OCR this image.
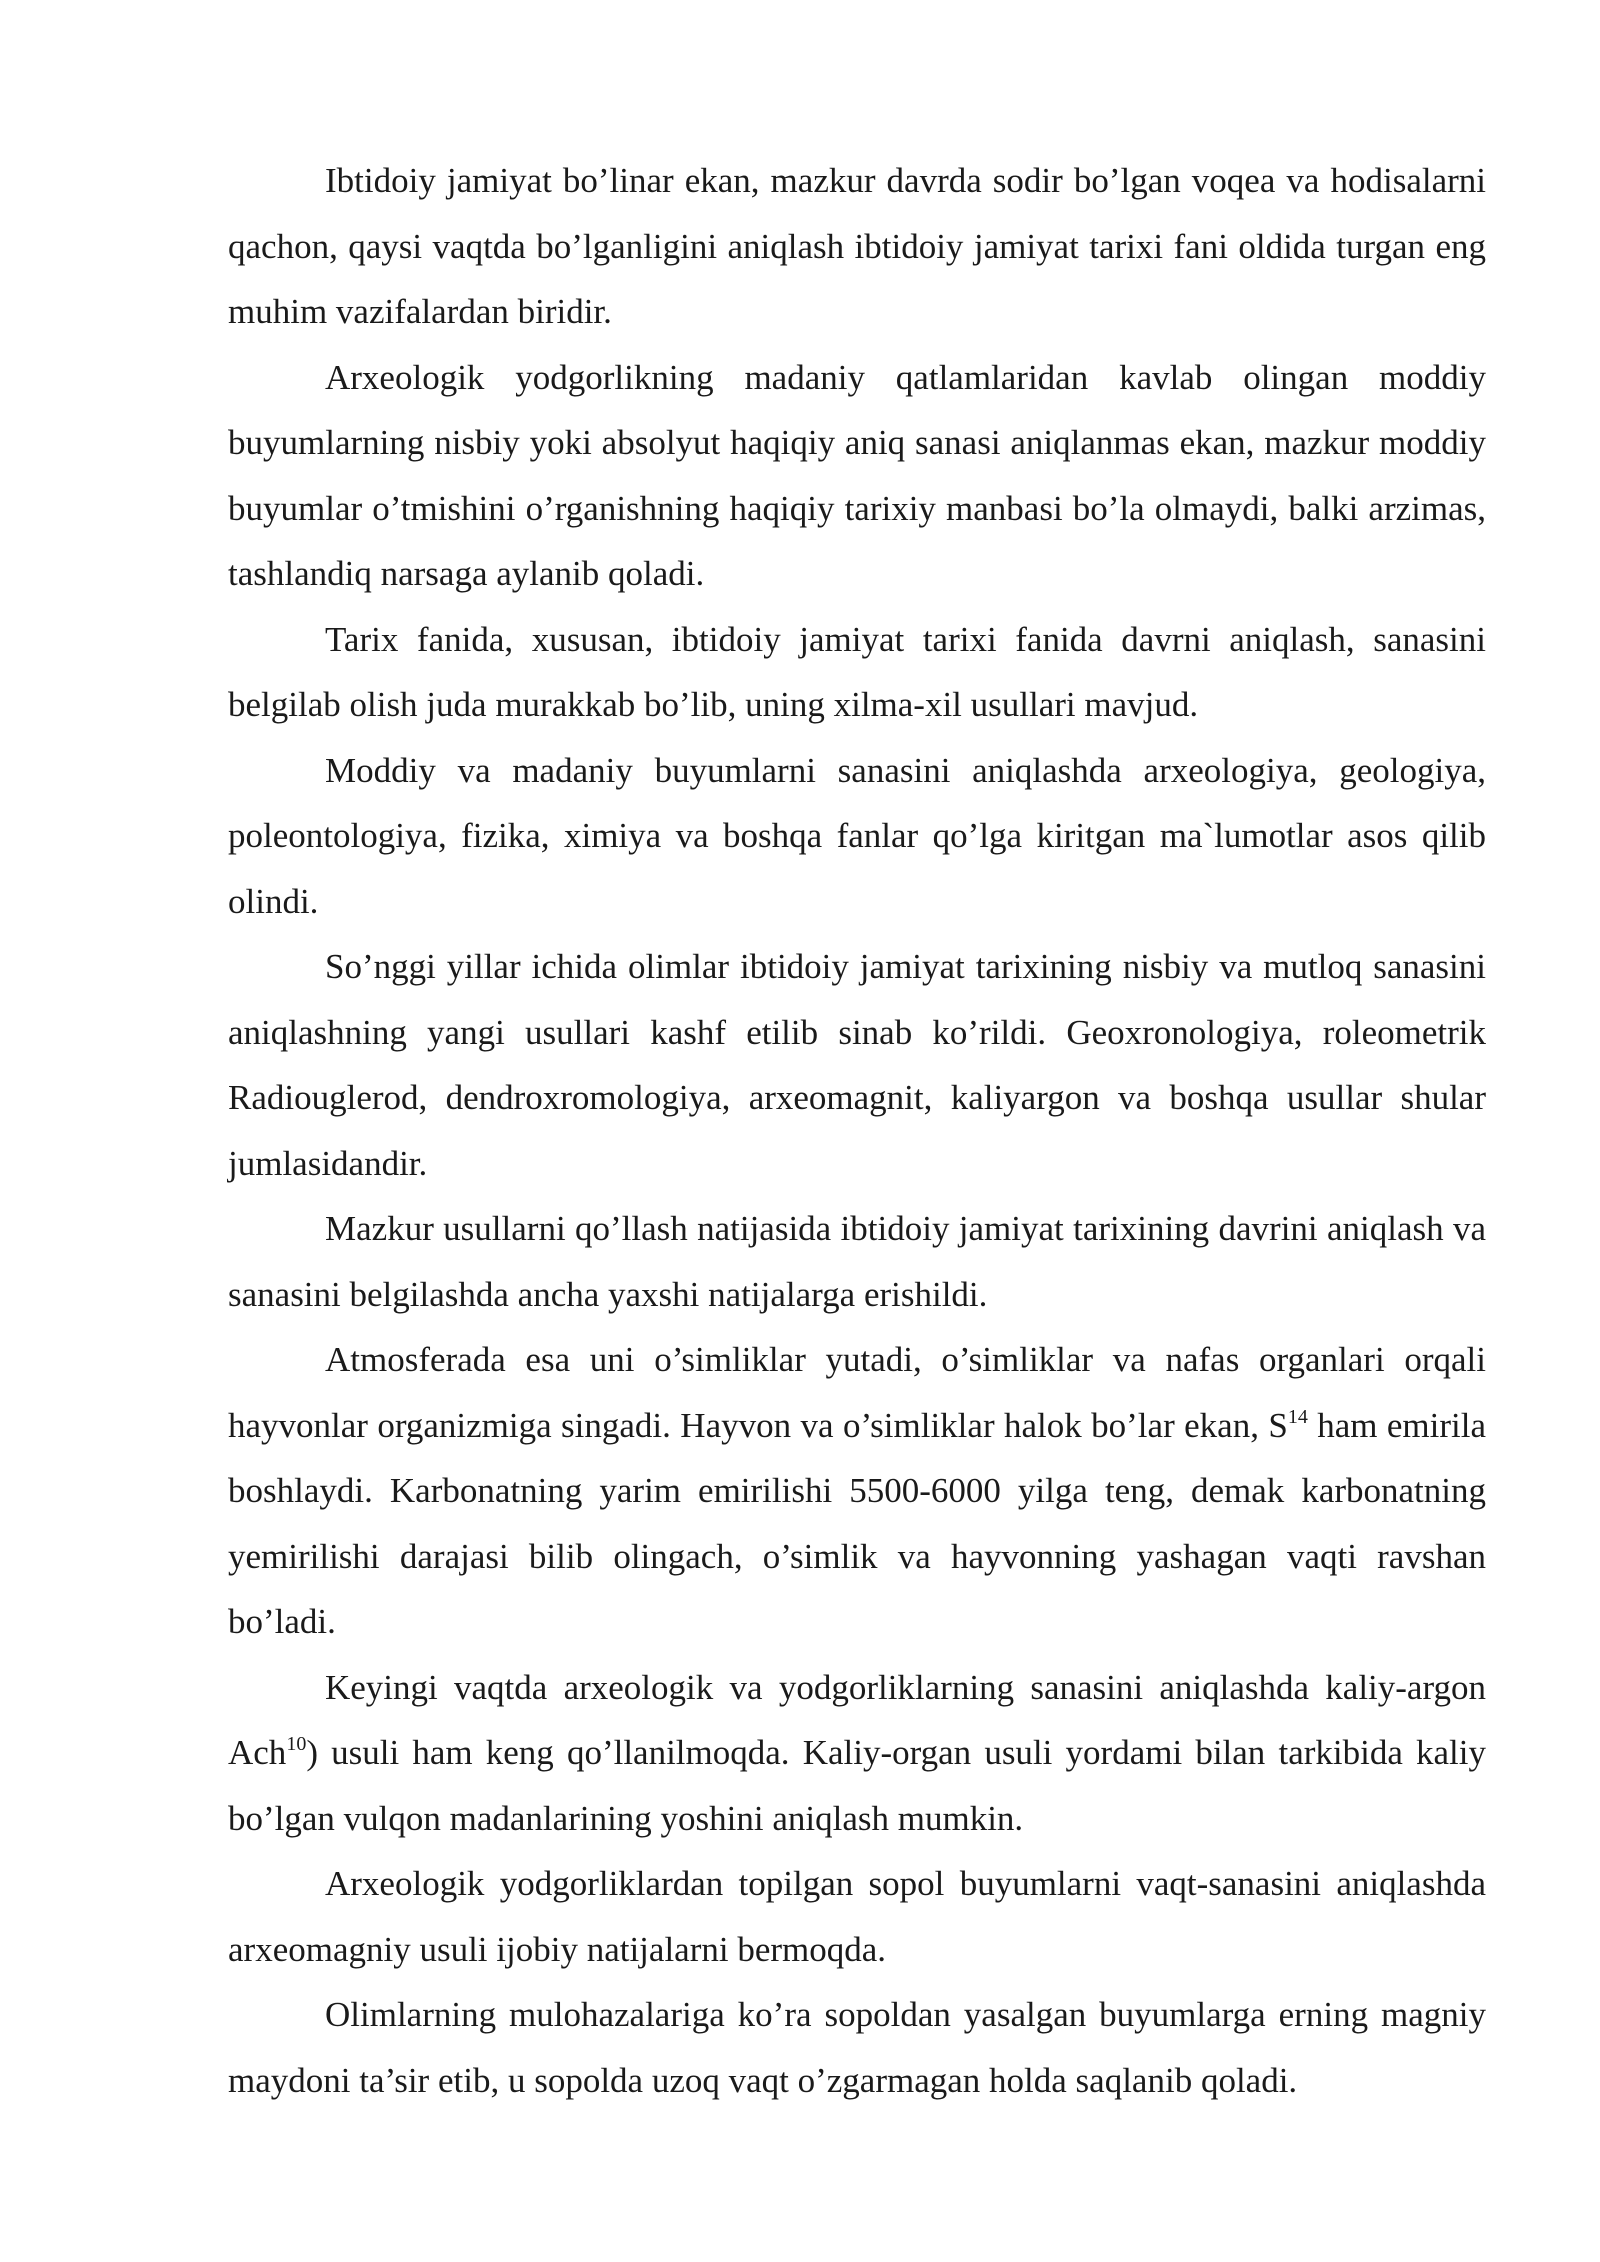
Ibtidoiy jamiyat bo’linar ekan, mazkur davrda sodir bo’lgan voqea va hodisalarni qachon, qaysi vaqtda bo’lganligini aniqlash ibtidoiy jamiyat tarixi fani oldida turgan eng muhim vazifalardan biridir.

Arxeologik yodgorlikning madaniy qatlamlaridan kavlab olingan moddiy buyumlarning nisbiy yoki absolyut haqiqiy aniq sanasi aniqlanmas ekan, mazkur moddiy buyumlar o’tmishini o’rganishning haqiqiy tarixiy manbasi bo’la olmaydi, balki arzimas, tashlandiq narsaga aylanib qoladi.

Tarix fanida, xususan, ibtidoiy jamiyat tarixi fanida davrni aniqlash, sanasini belgilab olish juda murakkab bo’lib, uning xilma-xil usullari mavjud.

Moddiy va madaniy buyumlarni sanasini aniqlashda arxeologiya, geologiya, poleontologiya, fizika, ximiya va boshqa fanlar qo’lga kiritgan ma`lumotlar asos qilib olindi.

So’nggi yillar ichida olimlar ibtidoiy jamiyat tarixining nisbiy va mutloq sanasini aniqlashning yangi usullari kashf etilib sinab ko’rildi. Geoxronologiya, roleometrik Radiouglerod, dendroxromologiya, arxeomagnit, kaliyargon va boshqa usullar shular jumlasidandir.

Mazkur usullarni qo’llash natijasida ibtidoiy jamiyat tarixining davrini aniqlash va sanasini belgilashda ancha yaxshi natijalarga erishildi.

Atmosferada esa uni o’simliklar yutadi, o’simliklar va nafas organlari orqali hayvonlar organizmiga singadi. Hayvon va o’simliklar halok bo’lar ekan, $S^{14}$ ham emirila boshlaydi. Karbonatning yarim emirilishi 5500-6000 yilga teng, demak karbonatning yemirilishi darajasi bilib olingach, o’simlik va hayvonning yashagan vaqti ravshan bo’ladi.

Keyingi vaqtda arxeologik va yodgorliklarning sanasini aniqlashda kaliy-argon Ach$^{10}$) usuli ham keng qo’llanilmoqda. Kaliy-organ usuli yordami bilan tarkibida kaliy bo’lgan vulqon madanlarining yoshini aniqlash mumkin.

Arxeologik yodgorliklardan topilgan sopol buyumlarni vaqt-sanasini aniqlashda arxeomagniy usuli ijobiy natijalarni bermoqda.

Olimlarning mulohazalariga ko’ra sopoldan yasalgan buyumlarga erning magniy maydoni ta’sir etib, u sopolda uzoq vaqt o’zgarmagan holda saqlanib qoladi.
